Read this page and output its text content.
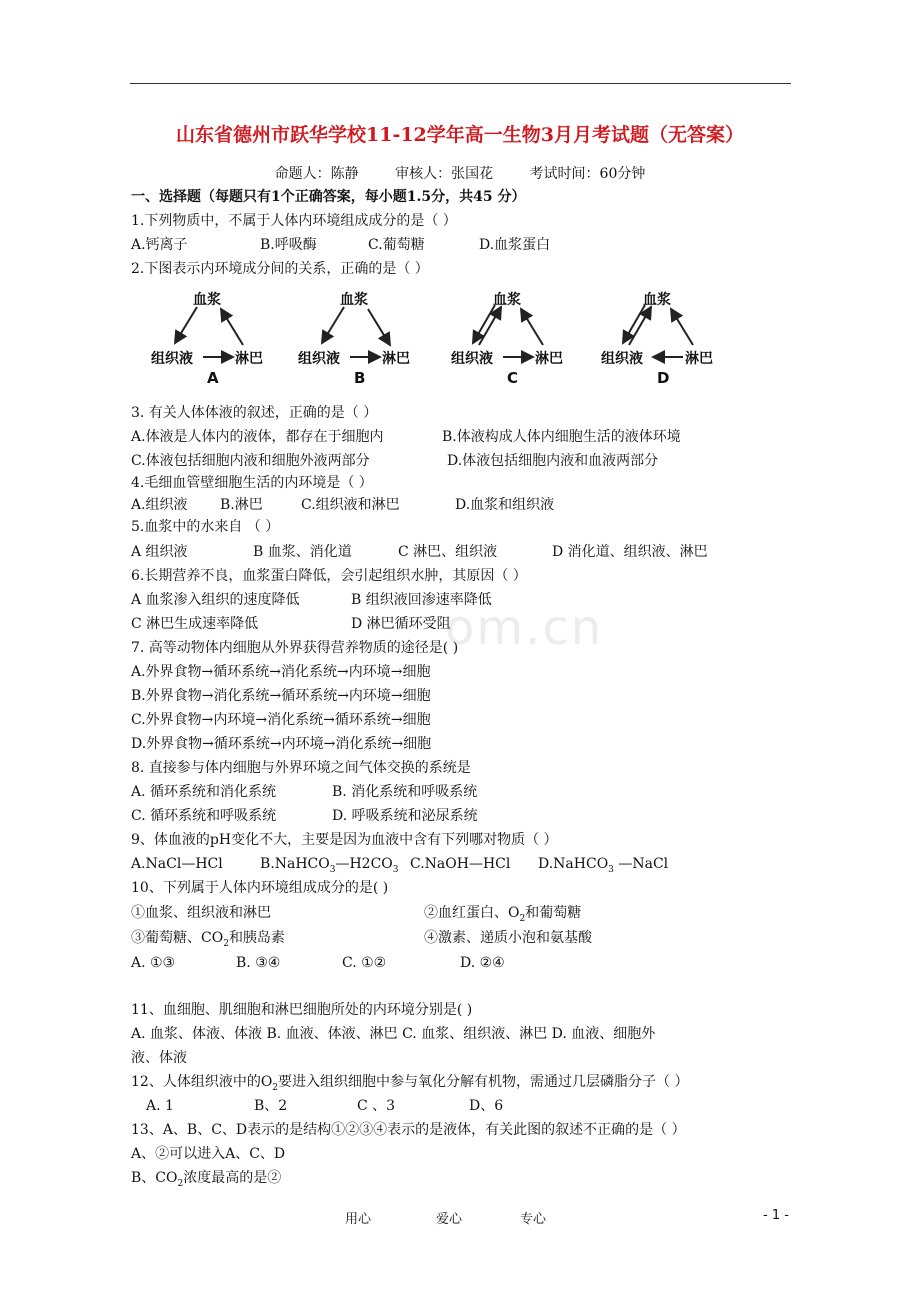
om.cn
山东省德州市跃华学校11-12学年高一生物3月月考试题（无答案）
命题人：陈静	审核人：张国花	考试时间：60分钟
一、选择题（每题只有1个正确答案，每小题1.5分，共45 分）
1.下列物质中，不属于人体内环境组成成分的是（ ）
A.钙离子	B.呼吸酶	C.葡萄糖	D.血浆蛋白
2.下图表示内环境成分间的关系，正确的是（ ）
血浆
组织液	淋巴
A
血浆
组织液	淋巴
B
血浆
组织液	淋巴
C
血浆
组织液	淋巴
D
3. 有关人体体液的叙述，正确的是（ ）
A.体液是人体内的液体，都存在于细胞内	B.体液构成人体内细胞生活的液体环境
C.体液包括细胞内液和细胞外液两部分	D.体液包括细胞内液和血液两部分
4.毛细血管壁细胞生活的内环境是（ ）
A.组织液 B.淋巴	C.组织液和淋巴	D.血浆和组织液
5.血浆中的水来自 （ ）
A 组织液	B 血浆、消化道	C 淋巴、组织液	D 消化道、组织液、淋巴
6.长期营养不良，血浆蛋白降低，会引起组织水肿，其原因（ ）
A 血浆渗入组织的速度降低	B 组织液回渗速率降低
C 淋巴生成速率降低	D 淋巴循环受阻
7. 高等动物体内细胞从外界获得营养物质的途径是( )
A.外界食物→循环系统→消化系统→内环境→细胞
B.外界食物→消化系统→循环系统→内环境→细胞
C.外界食物→内环境→消化系统→循环系统→细胞
D.外界食物→循环系统→内环境→消化系统→细胞
8. 直接参与体内细胞与外界环境之间气体交换的系统是
A. 循环系统和消化系统	B. 消化系统和呼吸系统
C. 循环系统和呼吸系统	D. 呼吸系统和泌尿系统
9、体血液的pH变化不大，主要是因为血液中含有下列哪对物质（ ）
A.NaCl—HCl	$B.NaHCO_3—H2CO_3$ C.NaOH—HCl D.NaHCO$_3$ —NaCl
10、下列属于人体内环境组成成分的是( )
①血浆、组织液和淋巴	②血红蛋白、$O_2$和葡萄糖
③葡萄糖、$CO_2$和胰岛素	④激素、递质小泡和氨基酸
A. ①③	B. ③④	C. ①②	D. ②④
11、血细胞、肌细胞和淋巴细胞所处的内环境分别是( )
A. 血浆、体液、体液 B. 血液、体液、淋巴 C. 血浆、组织液、淋巴 D. 血液、细胞外
液、体液
12、人体组织液中的$O_2$要进入组织细胞中参与氧化分解有机物，需通过几层磷脂分子（ ）
A. 1	B、2	C 、3	D、6
13、A、B、C、D表示的是结构①②③④表示的是液体，有关此图的叙述不正确的是（ ）
A、②可以进入A、C、D
B、$CO_2$浓度最高的是②
用心	爱心	专心	- 1 -
